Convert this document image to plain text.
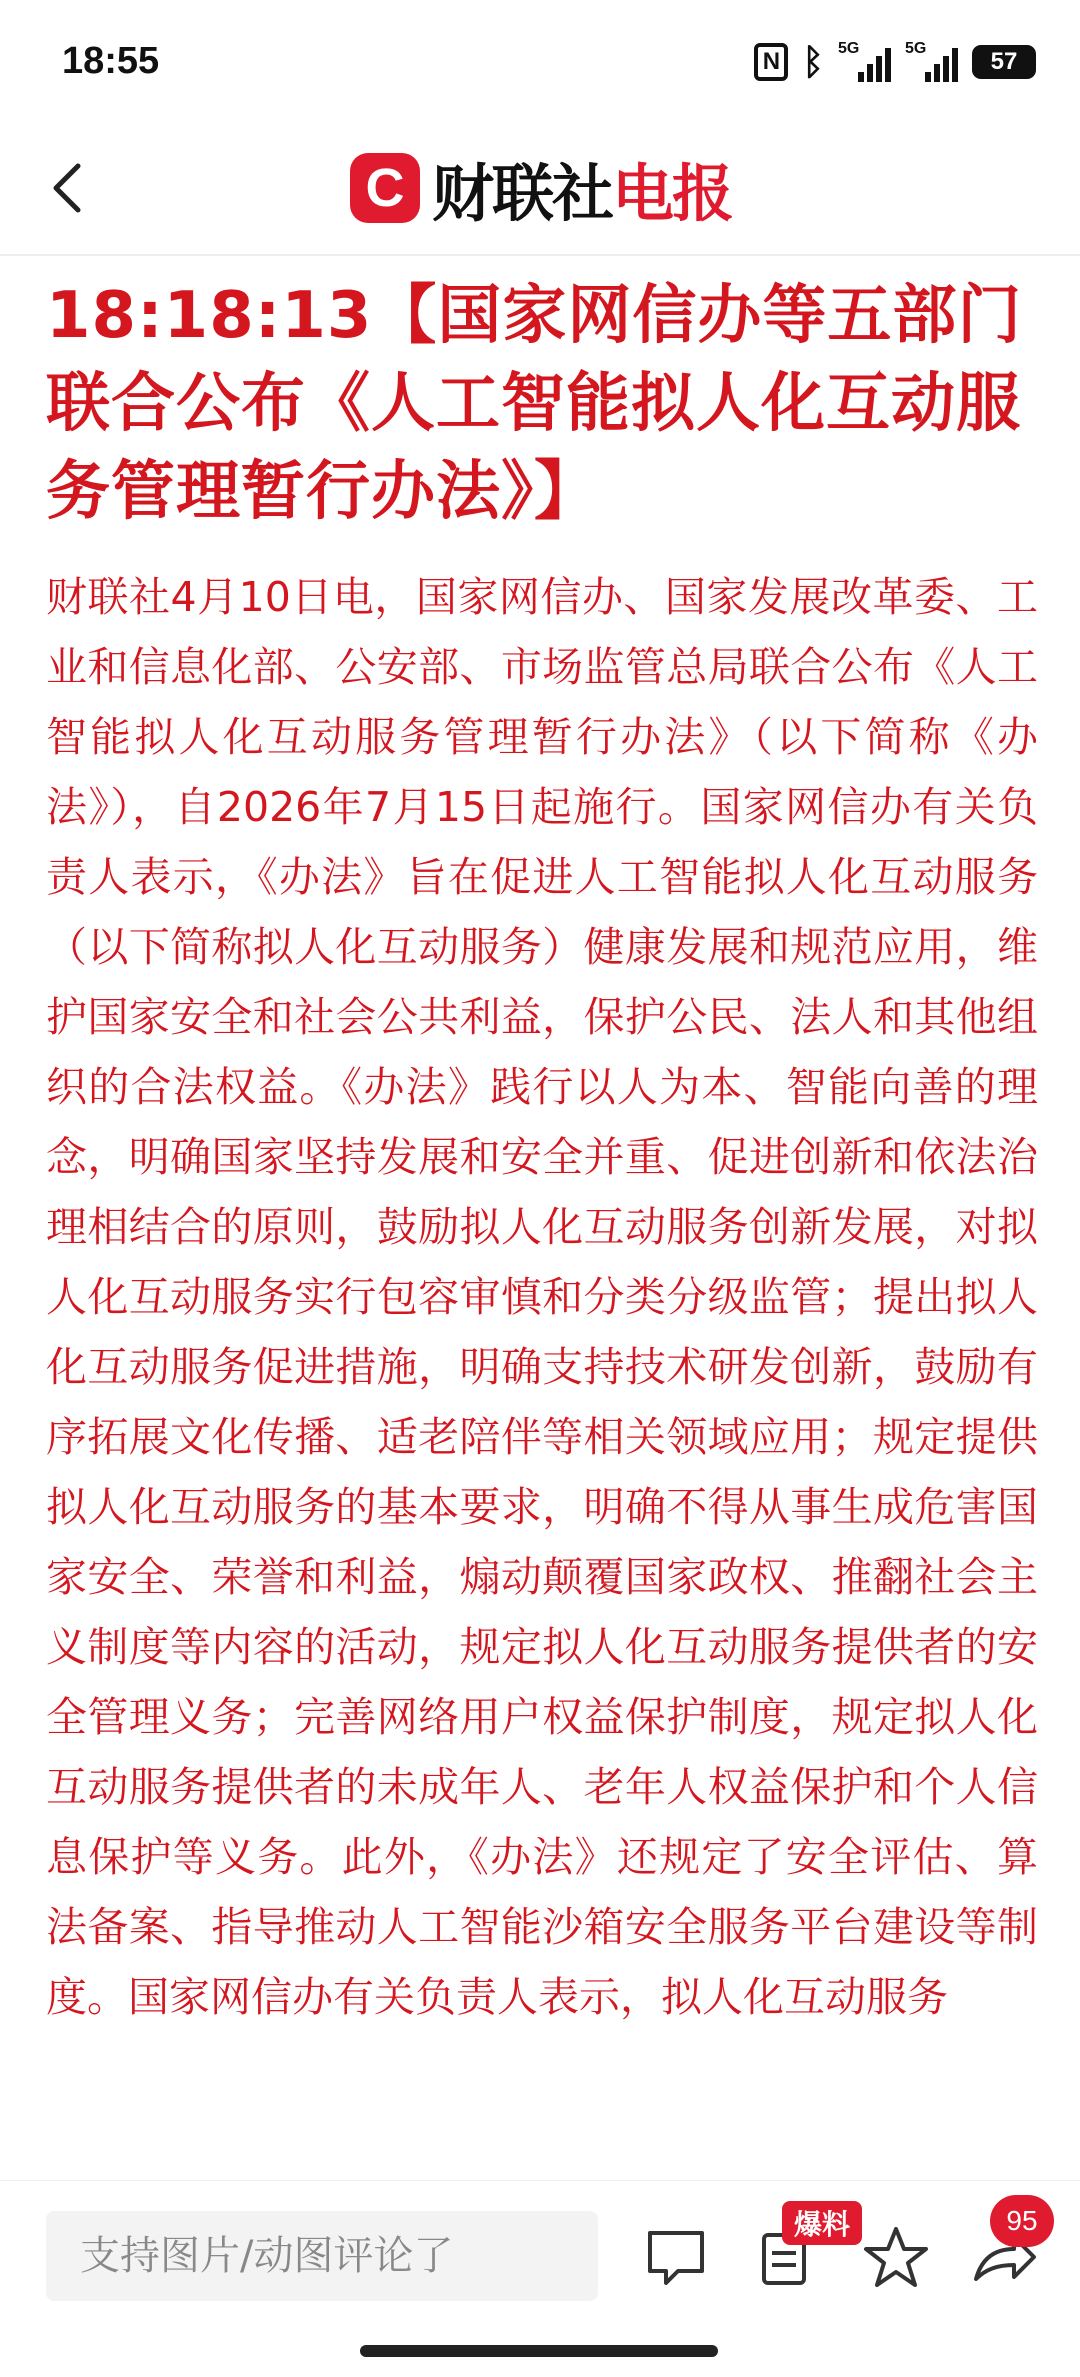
18:55	N ᛒ 5G	5G	57
C 财联社 电报
18:18:13【国家网信办等五部门联合公布《人工智能拟人化互动服务管理暂行办法》】
财联社4月10日电，国家网信办、国家发展改革委、工业和信息化部、公安部、市场监管总局联合公布《人工智能拟人化互动服务管理暂行办法》（以下简称《办法》），自2026年7月15日起施行。国家网信办有关负责人表示，《办法》旨在促进人工智能拟人化互动服务（以下简称拟人化互动服务）健康发展和规范应用，维护国家安全和社会公共利益，保护公民、法人和其他组织的合法权益。《办法》践行以人为本、智能向善的理念，明确国家坚持发展和安全并重、促进创新和依法治理相结合的原则，鼓励拟人化互动服务创新发展，对拟人化互动服务实行包容审慎和分类分级监管；提出拟人化互动服务促进措施，明确支持技术研发创新，鼓励有序拓展文化传播、适老陪伴等相关领域应用；规定提供拟人化互动服务的基本要求，明确不得从事生成危害国家安全、荣誉和利益，煽动颠覆国家政权、推翻社会主义制度等内容的活动，规定拟人化互动服务提供者的安全管理义务；完善网络用户权益保护制度，规定拟人化互动服务提供者的未成年人、老年人权益保护和个人信息保护等义务。此外，《办法》还规定了安全评估、算法备案、指导推动人工智能沙箱安全服务平台建设等制度。国家网信办有关负责人表示，拟人化互动服务
支持图片/动图评论了
爆料	95
